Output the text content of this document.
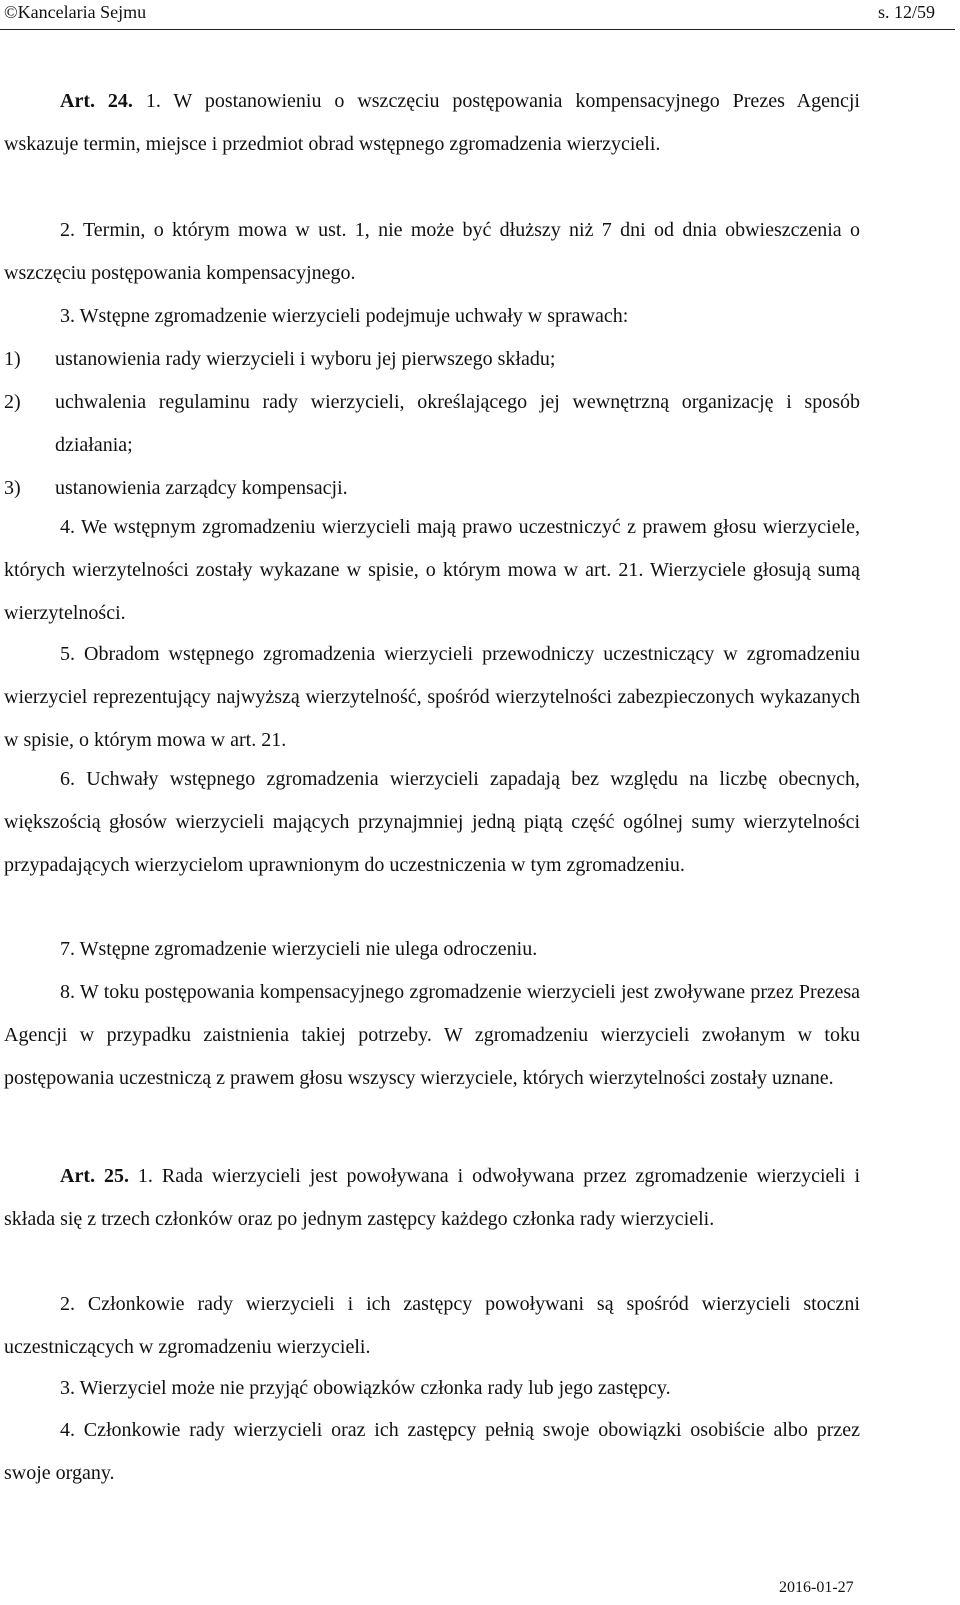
©Kancelaria Sejmu	s. 12/59
Art. 24. 1. W postanowieniu o wszczęciu postępowania kompensacyjnego Prezes Agencji wskazuje termin, miejsce i przedmiot obrad wstępnego zgromadzenia wierzycieli.
2. Termin, o którym mowa w ust. 1, nie może być dłuższy niż 7 dni od dnia obwieszczenia o wszczęciu postępowania kompensacyjnego.
3. Wstępne zgromadzenie wierzycieli podejmuje uchwały w sprawach:
1)	ustanowienia rady wierzycieli i wyboru jej pierwszego składu;
2)	uchwalenia regulaminu rady wierzycieli, określającego jej wewnętrzną organizację i sposób działania;
3)	ustanowienia zarządcy kompensacji.
4. We wstępnym zgromadzeniu wierzycieli mają prawo uczestniczyć z prawem głosu wierzyciele, których wierzytelności zostały wykazane w spisie, o którym mowa w art. 21. Wierzyciele głosują sumą wierzytelności.
5. Obradom wstępnego zgromadzenia wierzycieli przewodniczy uczestniczący w zgromadzeniu wierzyciel reprezentujący najwyższą wierzytelność, spośród wierzytelności zabezpieczonych wykazanych w spisie, o którym mowa w art. 21.
6. Uchwały wstępnego zgromadzenia wierzycieli zapadają bez względu na liczbę obecnych, większością głosów wierzycieli mających przynajmniej jedną piątą część ogólnej sumy wierzytelności przypadających wierzycielom uprawnionym do uczestniczenia w tym zgromadzeniu.
7. Wstępne zgromadzenie wierzycieli nie ulega odroczeniu.
8. W toku postępowania kompensacyjnego zgromadzenie wierzycieli jest zwoływane przez Prezesa Agencji w przypadku zaistnienia takiej potrzeby. W zgromadzeniu wierzycieli zwołanym w toku postępowania uczestniczą z prawem głosu wszyscy wierzyciele, których wierzytelności zostały uznane.
Art. 25. 1. Rada wierzycieli jest powoływana i odwoływana przez zgromadzenie wierzycieli i składa się z trzech członków oraz po jednym zastępcy każdego członka rady wierzycieli.
2. Członkowie rady wierzycieli i ich zastępcy powoływani są spośród wierzycieli stoczni uczestniczących w zgromadzeniu wierzycieli.
3. Wierzyciel może nie przyjąć obowiązków członka rady lub jego zastępcy.
4. Członkowie rady wierzycieli oraz ich zastępcy pełnią swoje obowiązki osobiście albo przez swoje organy.
2016-01-27
